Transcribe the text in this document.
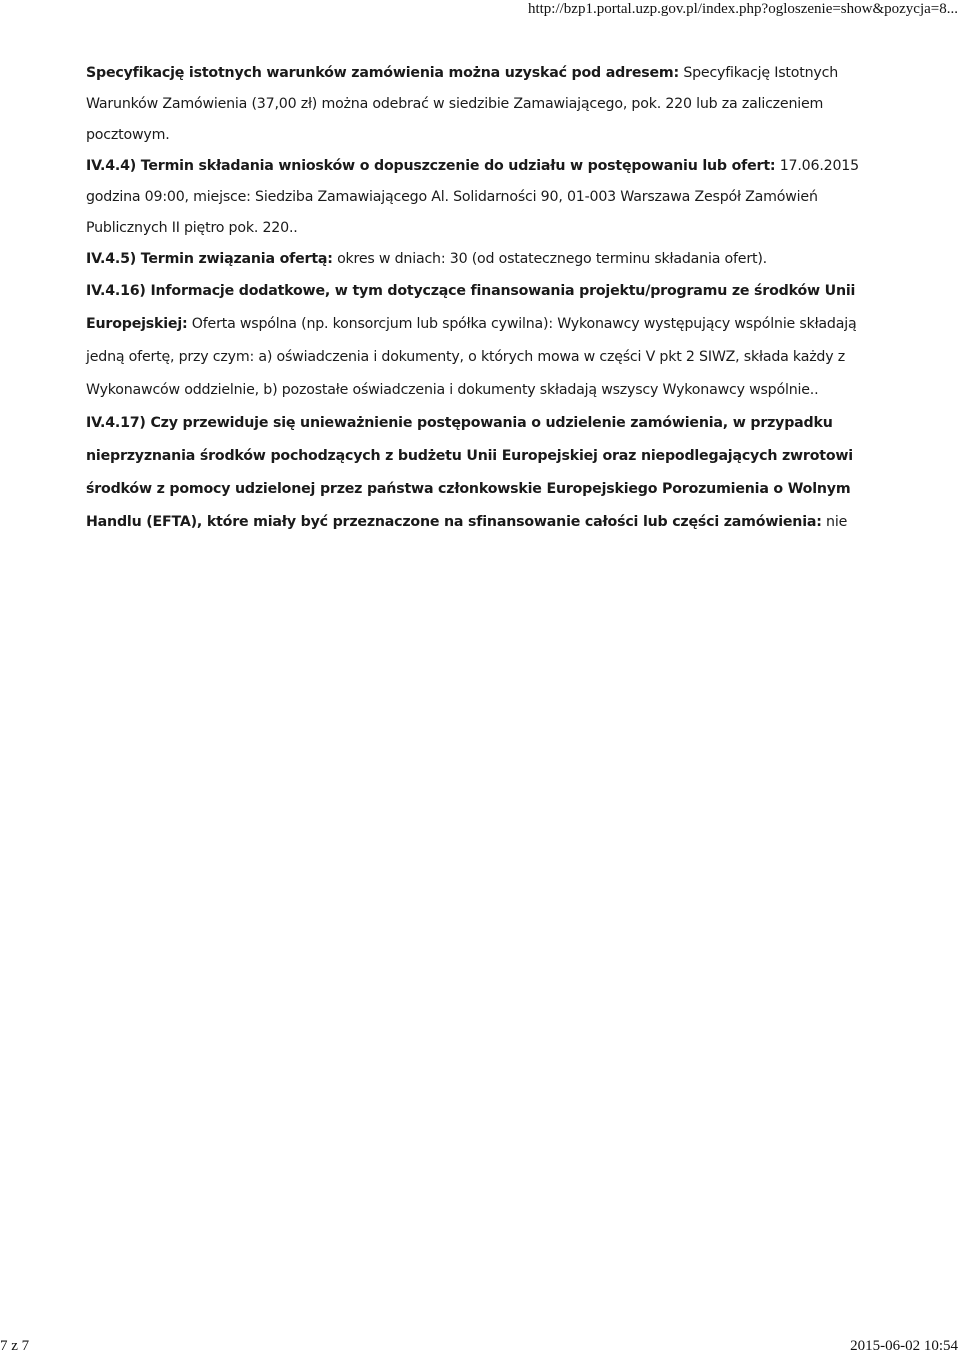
http://bzp1.portal.uzp.gov.pl/index.php?ogloszenie=show&pozycja=8...

Specyfikację istotnych warunków zamówienia można uzyskać pod adresem: Specyfikację Istotnych Warunków Zamówienia (37,00 zł) można odebrać w siedzibie Zamawiającego, pok. 220 lub za zaliczeniem pocztowym.

IV.4.4) Termin składania wniosków o dopuszczenie do udziału w postępowaniu lub ofert: 17.06.2015 godzina 09:00, miejsce: Siedziba Zamawiającego Al. Solidarności 90, 01-003 Warszawa Zespół Zamówień Publicznych II piętro pok. 220..

IV.4.5) Termin związania ofertą: okres w dniach: 30 (od ostatecznego terminu składania ofert).

IV.4.16) Informacje dodatkowe, w tym dotyczące finansowania projektu/programu ze środków Unii Europejskiej: Oferta wspólna (np. konsorcjum lub spółka cywilna): Wykonawcy występujący wspólnie składają jedną ofertę, przy czym: a) oświadczenia i dokumenty, o których mowa w części V pkt 2 SIWZ, składa każdy z Wykonawców oddzielnie, b) pozostałe oświadczenia i dokumenty składają wszyscy Wykonawcy wspólnie..

IV.4.17) Czy przewiduje się unieważnienie postępowania o udzielenie zamówienia, w przypadku nieprzyznania środków pochodzących z budżetu Unii Europejskiej oraz niepodlegających zwrotowi środków z pomocy udzielonej przez państwa członkowskie Europejskiego Porozumienia o Wolnym Handlu (EFTA), które miały być przeznaczone na sfinansowanie całości lub części zamówienia: nie

7 z 7	2015-06-02 10:54
